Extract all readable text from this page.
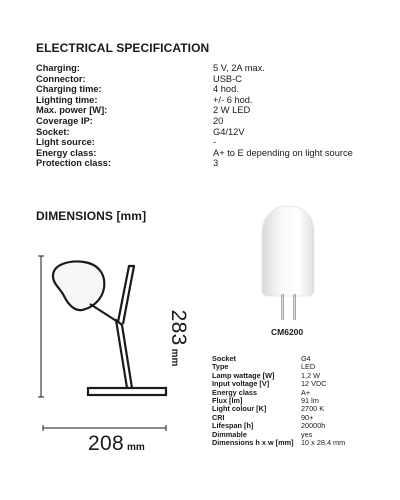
ELECTRICAL SPECIFICATION
Charging:	5 V, 2A max.
Connector:	USB-C
Charging time:	4 hod.
Lighting time:	+/- 6 hod.
Max. power [W]:	2 W LED
Coverage IP:	20
Socket:	G4/12V
Light source:	-
Energy class:	A+ to E depending on light source
Protection class:	3
DIMENSIONS [mm]
283
mm
208 mm
CM6200
Socket	G4
Type	LED
Lamp wattage [W]	1,2 W
Input voltage [V]	12 VDC
Energy class	A+
Flux [lm]	91 lm
Light colour [K]	2700 K
CRI	90+
Lifespan [h]	20000h
Dimmable	yes
Dimensions h x w [mm]	10 x 28,4 mm
